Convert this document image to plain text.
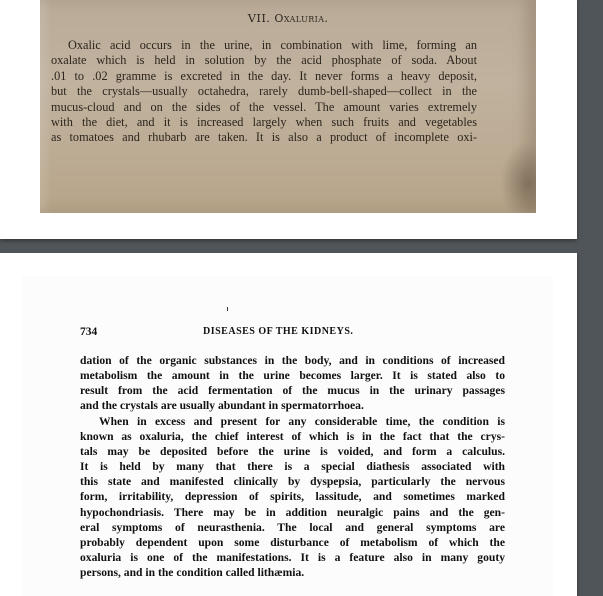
VII. Oxaluria.
Oxalic acid occurs in the urine, in combination with lime, forming an
oxalate which is held in solution by the acid phosphate of soda. About
.01 to .02 gramme is excreted in the day. It never forms a heavy deposit,
but the crystals—usually octahedra, rarely dumb-bell-shaped—collect in the
mucus-cloud and on the sides of the vessel. The amount varies extremely
with the diet, and it is increased largely when such fruits and vegetables
as tomatoes and rhubarb are taken. It is also a product of incomplete oxi-
734	DISEASES OF THE KIDNEYS.
dation of the organic substances in the body, and in conditions of increased
metabolism the amount in the urine becomes larger. It is stated also to
result from the acid fermentation of the mucus in the urinary passages
and the crystals are usually abundant in spermatorrhoea.
When in excess and present for any considerable time, the condition is
known as oxaluria, the chief interest of which is in the fact that the crys-
tals may be deposited before the urine is voided, and form a calculus.
It is held by many that there is a special diathesis associated with
this state and manifested clinically by dyspepsia, particularly the nervous
form, irritability, depression of spirits, lassitude, and sometimes marked
hypochondriasis. There may be in addition neuralgic pains and the gen-
eral symptoms of neurasthenia. The local and general symptoms are
probably dependent upon some disturbance of metabolism of which the
oxaluria is one of the manifestations. It is a feature also in many gouty
persons, and in the condition called lithæmia.
